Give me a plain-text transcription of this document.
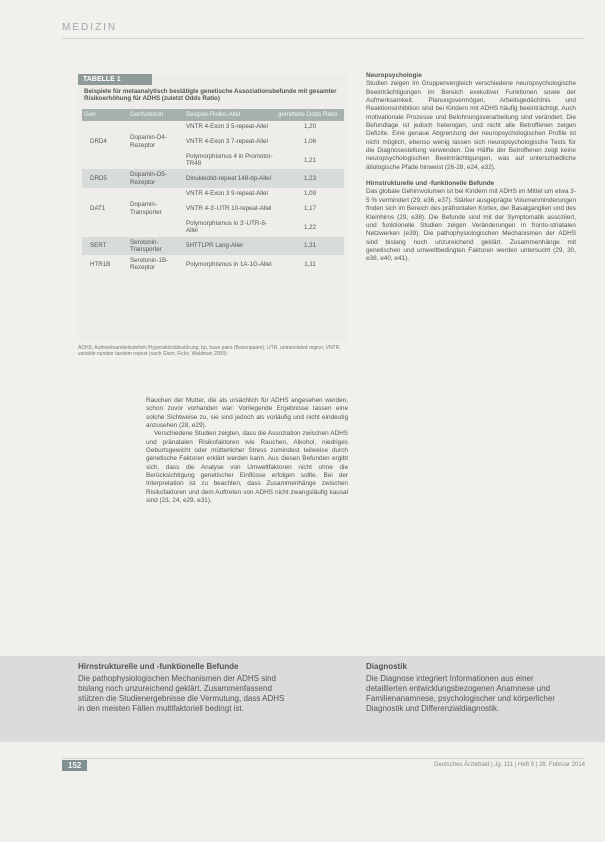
MEDIZIN
TABELLE 1
Beispiele für metaanalytisch bestätigte genetische Assoziationsbefunde mit gesamter Risikoerhöhung für ADHS (zuletzt Odds Ratio)
Gen	Genfunktion	Beispiel-Risiko-Allel	gemittelte Odds Ratio
		VNTR 4-Exon 3 5-repeat-Allel	1,20
DRD4	Dopamin-D4-Rezeptor	VNTR 4-Exon 3 7-repeat-Allel	1,06
		Polymorphismus 4 in Promotor-TR48	1,21
DRD5	Dopamin-D5-Rezeptor	Dinukleotid-repeat 148-bp-Allel	1,23
		VNTR 4-Exon 3 9-repeat-Allel	1,09
DAT1	Dopamin-Transporter	VNTR 4-3'-UTR 10-repeat-Allel	1,17
		Polymorphismus in 3'-UTR-8-Allel	1,22
SERT	Serotonin-Transporter	5HTTLPR Lang-Allel	1,31
HTR1B	Serotonin-1B-Rezeptor	Polymorphismus in 1A-1G-Allel	1,11
ADHS, Aufmerksamkeitsdefizit-/Hyperaktivitätsstörung; bp, base pairs (Basenpaare); UTR, untranslated region; VNTR, variable number tandem repeat (nach Gizer, Ficks, Waldman 2009)

Rauchen der Mutter, die als ursächlich für ADHS angesehen werden, schon zuvor vorhanden war: Vorliegende Ergebnisse lassen eine solche Sichtweise zu, sie sind jedoch als vorläufig und nicht eindeutig anzusehen (28, e29).

Verschiedene Studien zeigten, dass die Assoziation zwischen ADHS und pränatalen Risikofaktoren wie Rauchen, Alkohol, niedriges Geburtsgewicht oder mütterlicher Stress zumindest teilweise durch genetische Faktoren erklärt werden kann. Aus diesen Befunden ergibt sich, dass die Analyse von Umweltfaktoren nicht ohne die Berücksichtigung genetischer Einflüsse erfolgen sollte. Bei der Interpretation ist zu beachten, dass Zusammenhänge zwischen Risikofaktoren und dem Auftreten von ADHS nicht zwangsläufig kausal sind (23, 24, e29, e31).

Neuropsychologie

Studien zeigen im Gruppenvergleich verschiedene neuropsychologische Beeinträchtigungen im Bereich exekutiver Funktionen sowie der Aufmerksamkeit. Planungsvermögen, Arbeitsgedächtnis und Reaktionsinhibition sind bei Kindern mit ADHS häufig beeinträchtigt. Auch motivationale Prozesse und Belohnungsverarbeitung sind verändert. Die Befundlage ist jedoch heterogen, und nicht alle Betroffenen zeigen Defizite. Eine genaue Abgrenzung der neuropsychologischen Profile ist nicht möglich, ebenso wenig lassen sich neuropsychologische Tests für die Diagnosestellung verwenden. Die Hälfte der Betroffenen zeigt keine neuropsychologischen Beeinträchtigungen, was auf unterschiedliche ätiologische Pfade hinweist (26-28, e24, e32).

Hirnstrukturelle und -funktionelle Befunde

Das globale Gehirnvolumen ist bei Kindern mit ADHS im Mittel um etwa 3-5 % vermindert (29, e36, e37). Stärker ausgeprägte Volumenminderungen finden sich im Bereich des präfrontalen Kortex, der Basalganglien und des Kleinhirns (29, e38). Die Befunde sind mit der Symptomatik assoziiert, und funktionelle Studien zeigen Veränderungen in fronto-striatalen Netzwerken (e39). Die pathophysiologischen Mechanismen der ADHS sind bislang noch unzureichend geklärt. Zusammenhänge mit genetischen und umweltbedingten Faktoren werden untersucht (29, 30, e38, e40, e41).

Hirnstrukturelle und -funktionelle Befunde
Die pathophysiologischen Mechanismen der ADHS sind bislang noch unzureichend geklärt. Zusammenfassend stützen die Studienergebnisse die Vermutung, dass ADHS in den meisten Fällen multifaktoriell bedingt ist.
Diagnostik
Die Diagnose integriert Informationen aus einer detaillierten entwicklungsbezogenen Anamnese und Familienanamnese, psychologischer und körperlicher Diagnostik und Differenzialdiagnostik.
152	Deutsches Ärzteblatt | Jg. 111 | Heft 9 | 28. Februar 2014
